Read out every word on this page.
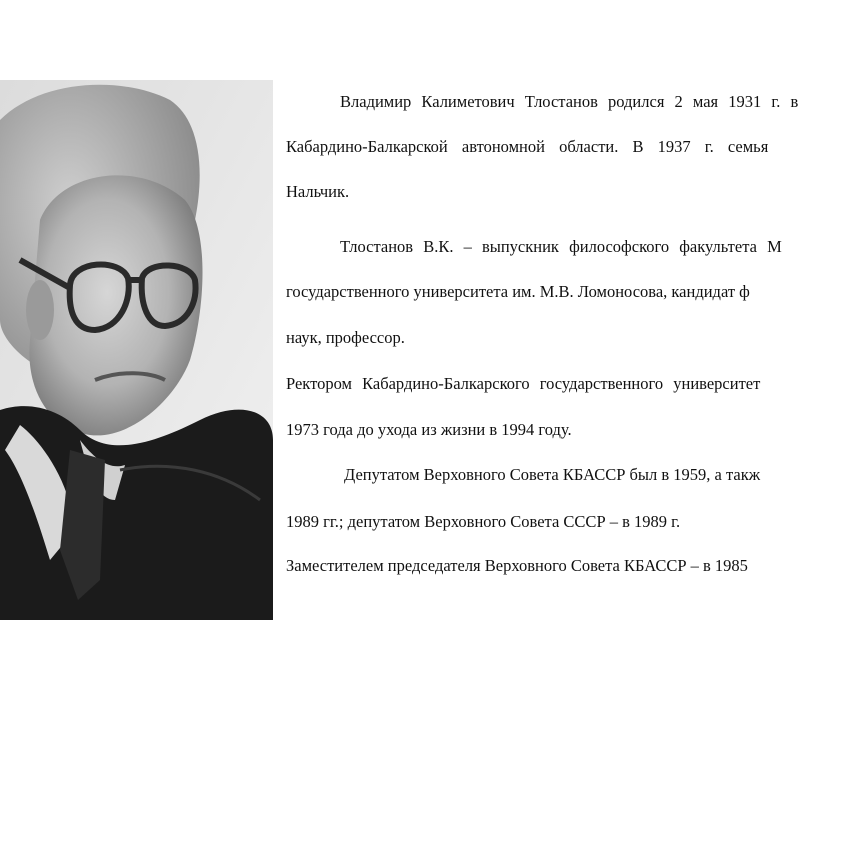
Владимир Калиметович Тлостанов родился 2 мая 1931 г. в
Кабардино-Балкарской автономной области. В 1937 г. семья
Нальчик.
Тлостанов В.К. – выпускник философского факультета М
государственного университета им. М.В. Ломоносова, кандидат ф
наук, профессор.
Ректором Кабардино-Балкарского государственного университет
1973 года до ухода из жизни в 1994 году.
Депутатом Верховного Совета КБАССР был в 1959, а такж
1989 гг.; депутатом Верховного Совета СССР – в 1989 г.
Заместителем председателя Верховного Совета КБАССР – в 1985
